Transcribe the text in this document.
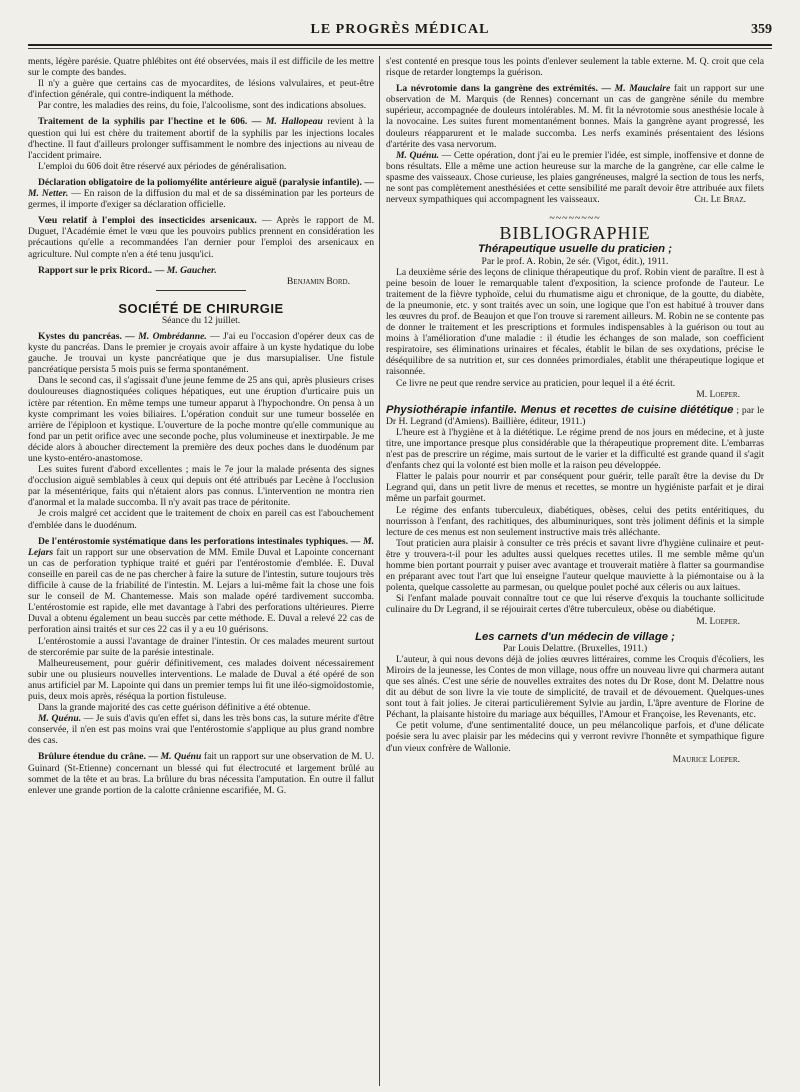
LE PROGRÈS MÉDICAL	359

ments, légère parésie. Quatre phlébites ont été observées, mais il est difficile de les mettre sur le compte des bandes.

Il n'y a guère que certains cas de myocardites, de lésions valvulaires, et peut-être d'infection générale, qui contre-indiquent la méthode.

Par contre, les maladies des reins, du foie, l'alcoolisme, sont des indications absolues.

Traitement de la syphilis par l'hectine et le 606. — M. Hallopeau revient à la question qui lui est chère du traitement abortif de la syphilis par les injections locales d'hectine. Il faut d'ailleurs prolonger suffisamment le nombre des injections au niveau de l'accident primaire.

L'emploi du 606 doit être réservé aux périodes de généralisation.

Déclaration obligatoire de la poliomyélite antérieure aiguë (paralysie infantile). — M. Netter. — En raison de la diffusion du mal et de sa dissémination par les porteurs de germes, il importe d'exiger sa déclaration officielle.

Vœu relatif à l'emploi des insecticides arsenicaux. — Après le rapport de M. Duguet, l'Académie émet le vœu que les pouvoirs publics prennent en considération les précautions qu'elle a recommandées l'an dernier pour l'emploi des arsenicaux en agriculture. Nul compte n'en a été tenu jusqu'ici.

Rapport sur le prix Ricord.. — M. Gaucher.

Benjamin Bord.
SOCIÉTÉ DE CHIRURGIE
Séance du 12 juillet.

Kystes du pancréas. — M. Ombrédanne. — J'ai eu l'occasion d'opérer deux cas de kyste du pancréas. Dans le premier je croyais avoir affaire à un kyste hydatique du lobe gauche. Je trouvai un kyste pancréatique que je dus marsupialiser. Une fistule pancréatique persista 5 mois puis se ferma spontanément.

Dans le second cas, il s'agissait d'une jeune femme de 25 ans qui, après plusieurs crises douloureuses diagnostiquées coliques hépatiques, eut une éruption d'urticaire puis un ictère par rétention. En même temps une tumeur apparut à l'hypochondre. On pensa à un kyste comprimant les voies biliaires. L'opération conduit sur une tumeur bosselée en arrière de l'épiploon et kystique. L'ouverture de la poche montre qu'elle communique au fond par un petit orifice avec une seconde poche, plus volumineuse et inextirpable. Je me décide alors à aboucher directement la première des deux poches dans le duodénum par une kysto-entéro-anastomose.

Les suites furent d'abord excellentes ; mais le 7e jour la malade présenta des signes d'occlusion aiguë semblables à ceux qui depuis ont été attribués par Lecène à l'occlusion par la mésentérique, faits qui n'étaient alors pas connus. L'intervention ne montra rien d'anormal et la malade succomba. Il n'y avait pas trace de péritonite.

Je crois malgré cet accident que le traitement de choix en pareil cas est l'abouchement d'emblée dans le duodénum.

De l'entérostomie systématique dans les perforations intestinales typhiques. — M. Lejars fait un rapport sur une observation de MM. Emile Duval et Lapointe concernant un cas de perforation typhique traité et guéri par l'entérostomie d'emblée. E. Duval conseille en pareil cas de ne pas chercher à faire la suture de l'intestin, suture toujours très difficile à cause de la friabilité de l'intestin. M. Lejars a lui-même fait la chose une fois sur le conseil de M. Chantemesse. Mais son malade opéré tardivement succomba. L'entérostomie est rapide, elle met davantage à l'abri des perforations ultérieures. Pierre Duval a obtenu également un beau succès par cette méthode. E. Duval a relevé 22 cas de perforation ainsi traités et sur ces 22 cas il y a eu 10 guérisons.

L'entérostomie a aussi l'avantage de drainer l'intestin. Or ces malades meurent surtout de stercorémie par suite de la parésie intestinale.

Malheureusement, pour guérir définitivement, ces malades doivent nécessairement subir une ou plusieurs nouvelles interventions. Le malade de Duval a été opéré de son anus artificiel par M. Lapointe qui dans un premier temps lui fit une iléo-sigmoïdostomie, puis, deux mois après, réséqua la portion fistuleuse.

Dans la grande majorité des cas cette guérison définitive a été obtenue.

M. Quénu. — Je suis d'avis qu'en effet si, dans les très bons cas, la suture mérite d'être conservée, il n'en est pas moins vrai que l'entérostomie s'applique au plus grand nombre des cas.

Brûlure étendue du crâne. — M. Quénu fait un rapport sur une observation de M. U. Guinard (St-Etienne) concernant un blessé qui fut électrocuté et largement brûlé au sommet de la tête et au bras. La brûlure du bras nécessita l'amputation. En outre il fallut enlever une grande portion de la calotte crânienne escarifiée, M. G.

s'est contenté en presque tous les points d'enlever seulement la table externe. M. Q. croit que cela risque de retarder longtemps la guérison.

La névrotomie dans la gangrène des extrémités. — M. Mauclaire fait un rapport sur une observation de M. Marquis (de Rennes) concernant un cas de gangrène sénile du membre supérieur, accompagnée de douleurs intolérables. M. M. fit la névrotomie sous anesthésie locale à la novocaine. Les suites furent momentanément bonnes. Mais la gangrène ayant progressé, les douleurs réapparurent et le malade succomba. Les nerfs examinés présentaient des lésions d'artérite des vasa nervorum.

M. Quénu. — Cette opération, dont j'ai eu le premier l'idée, est simple, inoffensive et donne de bons résultats. Elle a même une action heureuse sur la marche de la gangrène, car elle calme le spasme des vaisseaux. Chose curieuse, les plaies gangréneuses, malgré la section de tous les nerfs, ne sont pas complètement anesthésiées et cette sensibilité me paraît devoir être attribuée aux filets nerveux sympathiques qui accompagnent les vaisseaux.	Ch. Le Braz.

~~~~~~~~
BIBLIOGRAPHIE
Thérapeutique usuelle du praticien ;
Par le prof. A. Robin, 2e sér. (Vigot, édit.), 1911.

La deuxième série des leçons de clinique thérapeutique du prof. Robin vient de paraître. Il est à peine besoin de louer le remarquable talent d'exposition, la science profonde de l'auteur. Le traitement de la fièvre typhoïde, celui du rhumatisme aigu et chronique, de la goutte, du diabète, de la pneumonie, etc. y sont traités avec un soin, une logique que l'on est habitué à trouver dans les œuvres du prof. de Beaujon et que l'on trouve si rarement ailleurs. M. Robin ne se contente pas de donner le traitement et les prescriptions et formules indispensables à la guérison ou tout au moins à l'amélioration d'une maladie : il étudie les échanges de son malade, son coefficient respiratoire, ses éliminations urinaires et fécales, établit le bilan de ses oxydations, précise le déséquilibre de sa nutrition et, sur ces données primordiales, établit une thérapeutique logique et raisonnée.

Ce livre ne peut que rendre service au praticien, pour lequel il a été écrit.

M. Loeper.

Physiothérapie infantile. Menus et recettes de cuisine diététique ; par le Dr H. Legrand (d'Amiens). Baillière, éditeur, 1911.)

L'heure est à l'hygiène et à la diététique. Le régime prend de nos jours en médecine, et à juste titre, une importance presque plus considérable que la thérapeutique proprement dite. L'embarras n'est pas de prescrire un régime, mais surtout de le varier et la difficulté est grande quand il s'agit d'enfants chez qui la volonté est bien molle et la raison peu développée.

Flatter le palais pour nourrir et par conséquent pour guérir, telle paraît être la devise du Dr Legrand qui, dans un petit livre de menus et recettes, se montre un hygiéniste parfait et je dirai même un parfait gourmet.

Le régime des enfants tuberculeux, diabétiques, obèses, celui des petits entéritiques, du nourrisson à l'enfant, des rachitiques, des albuminuriques, sont très joliment définis et la simple lecture de ces menus est non seulement instructive mais très alléchante.

Tout praticien aura plaisir à consulter ce très précis et savant livre d'hygiène culinaire et peut-être y trouvera-t-il pour les adultes aussi quelques recettes utiles. Il me semble même qu'un homme bien portant pourrait y puiser avec avantage et trouverait matière à flatter sa gourmandise en préparant avec tout l'art que lui enseigne l'auteur quelque mauviette à la piémontaise ou à la polenta, quelque cassolette au parmesan, ou quelque poulet poché aux céleris ou aux laitues.

Si l'enfant malade pouvait connaître tout ce que lui réserve d'exquis la touchante sollicitude culinaire du Dr Legrand, il se réjouirait certes d'être tuberculeux, obèse ou diabétique.

M. Loeper.
Les carnets d'un médecin de village ;
Par Louis Delattre. (Bruxelles, 1911.)

L'auteur, à qui nous devons déjà de jolies œuvres littéraires, comme les Croquis d'écoliers, les Miroirs de la jeunesse, les Contes de mon village, nous offre un nouveau livre qui charmera autant que ses aînés. C'est une série de nouvelles extraites des notes du Dr Rose, dont M. Delattre nous dit au début de son livre la vie toute de simplicité, de travail et de dévouement. Quelques-unes sont tout à fait jolies. Je citerai particulièrement Sylvie au jardin, L'âpre aventure de Florine de Péchant, la plaisante histoire du mariage aux béquilles, l'Amour et Françoise, les Revenants, etc.

Ce petit volume, d'une sentimentalité douce, un peu mélancolique parfois, et d'une délicate poésie sera lu avec plaisir par les médecins qui y verront revivre l'honnête et sympathique figure d'un vieux confrère de Wallonie.

Maurice Loeper.
